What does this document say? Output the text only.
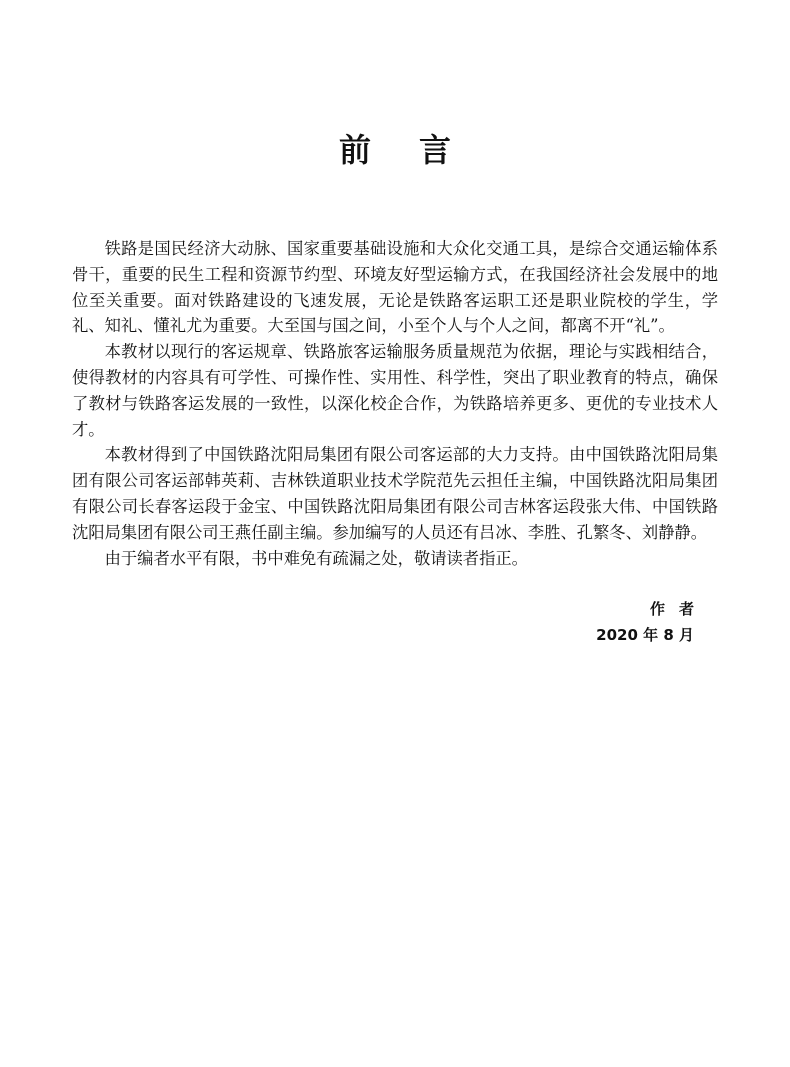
前言

铁路是国民经济大动脉、国家重要基础设施和大众化交通工具，是综合交通运输体系骨干，重要的民生工程和资源节约型、环境友好型运输方式，在我国经济社会发展中的地位至关重要。面对铁路建设的飞速发展，无论是铁路客运职工还是职业院校的学生，学礼、知礼、懂礼尤为重要。大至国与国之间，小至个人与个人之间，都离不开“礼”。

本教材以现行的客运规章、铁路旅客运输服务质量规范为依据，理论与实践相结合，使得教材的内容具有可学性、可操作性、实用性、科学性，突出了职业教育的特点，确保了教材与铁路客运发展的一致性，以深化校企合作，为铁路培养更多、更优的专业技术人才。

本教材得到了中国铁路沈阳局集团有限公司客运部的大力支持。由中国铁路沈阳局集团有限公司客运部韩英莉、吉林铁道职业技术学院范先云担任主编，中国铁路沈阳局集团有限公司长春客运段于金宝、中国铁路沈阳局集团有限公司吉林客运段张大伟、中国铁路沈阳局集团有限公司王燕任副主编。参加编写的人员还有吕冰、李胜、孔繁冬、刘静静。

由于编者水平有限，书中难免有疏漏之处，敬请读者指正。

作者
2020 年 8 月
